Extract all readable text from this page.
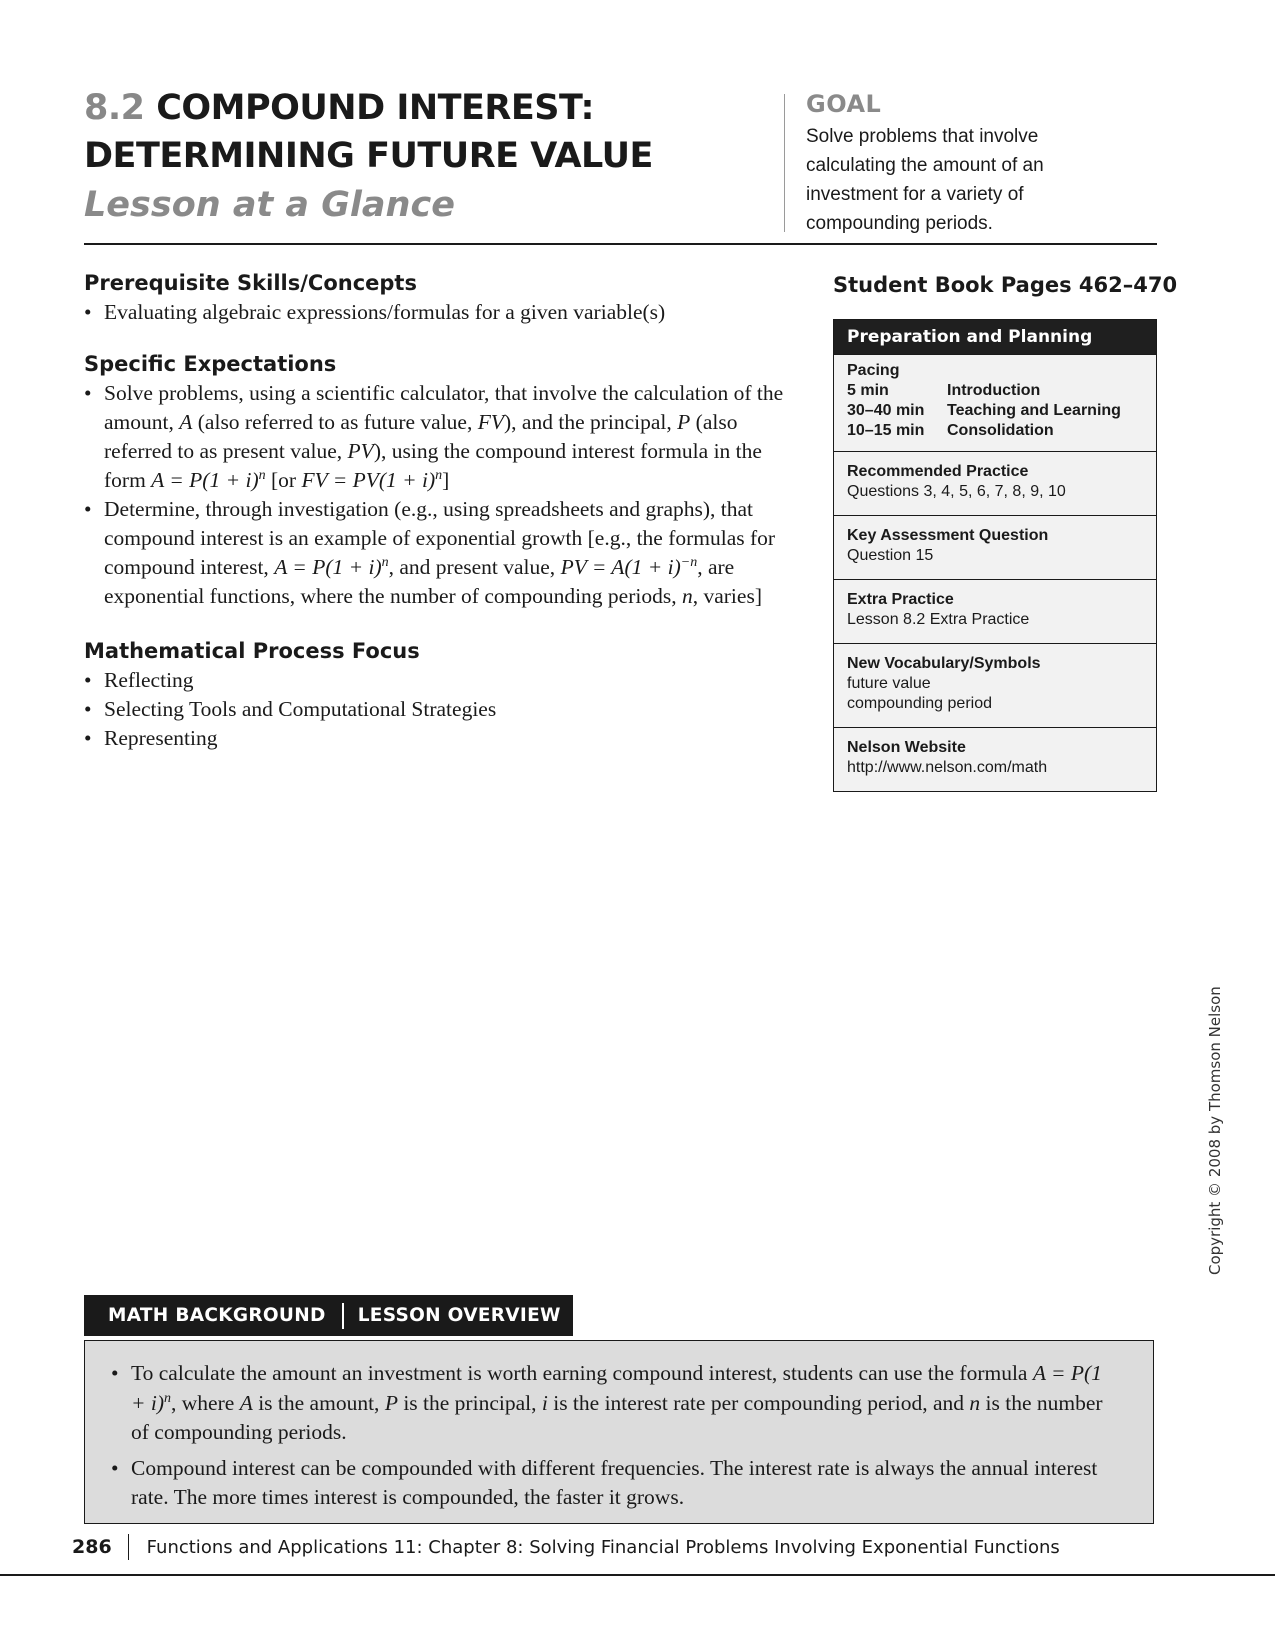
8.2 COMPOUND INTEREST:
DETERMINING FUTURE VALUE
Lesson at a Glance
GOAL
Solve problems that involve
calculating the amount of an
investment for a variety of
compounding periods.
Prerequisite Skills/Concepts
• Evaluating algebraic expressions/formulas for a given variable(s)
Specific Expectations
• Solve problems, using a scientific calculator, that involve the calculation of the amount, A (also referred to as future value, FV), and the principal, P (also referred to as present value, PV), using the compound interest formula in the form $A = P(1 + i)^n$ [or FV = $PV(1 + i)^n$]
• Determine, through investigation (e.g., using spreadsheets and graphs), that compound interest is an example of exponential growth [e.g., the formulas for compound interest, $A = P(1 + i)^n$, and present value, PV = $A(1 + i)^{-n}$, are exponential functions, where the number of compounding periods, n, varies]
Mathematical Process Focus
• Reflecting
• Selecting Tools and Computational Strategies
• Representing
Student Book Pages 462–470
Preparation and Planning
Pacing
5 min	Introduction
30–40 min	Teaching and Learning
10–15 min	Consolidation
Recommended Practice
Questions 3, 4, 5, 6, 7, 8, 9, 10
Key Assessment Question
Question 15
Extra Practice
Lesson 8.2 Extra Practice
New Vocabulary/Symbols
future value
compounding period
Nelson Website
http://www.nelson.com/math
Copyright © 2008 by Thomson Nelson
MATH BACKGROUND LESSON OVERVIEW
• To calculate the amount an investment is worth earning compound interest, students can use the formula $A = P(1 + i)^n$, where A is the amount, P is the principal, i is the interest rate per compounding period, and n is the number of compounding periods.
• Compound interest can be compounded with different frequencies. The interest rate is always the annual interest rate. The more times interest is compounded, the faster it grows.
286 Functions and Applications 11: Chapter 8: Solving Financial Problems Involving Exponential Functions
